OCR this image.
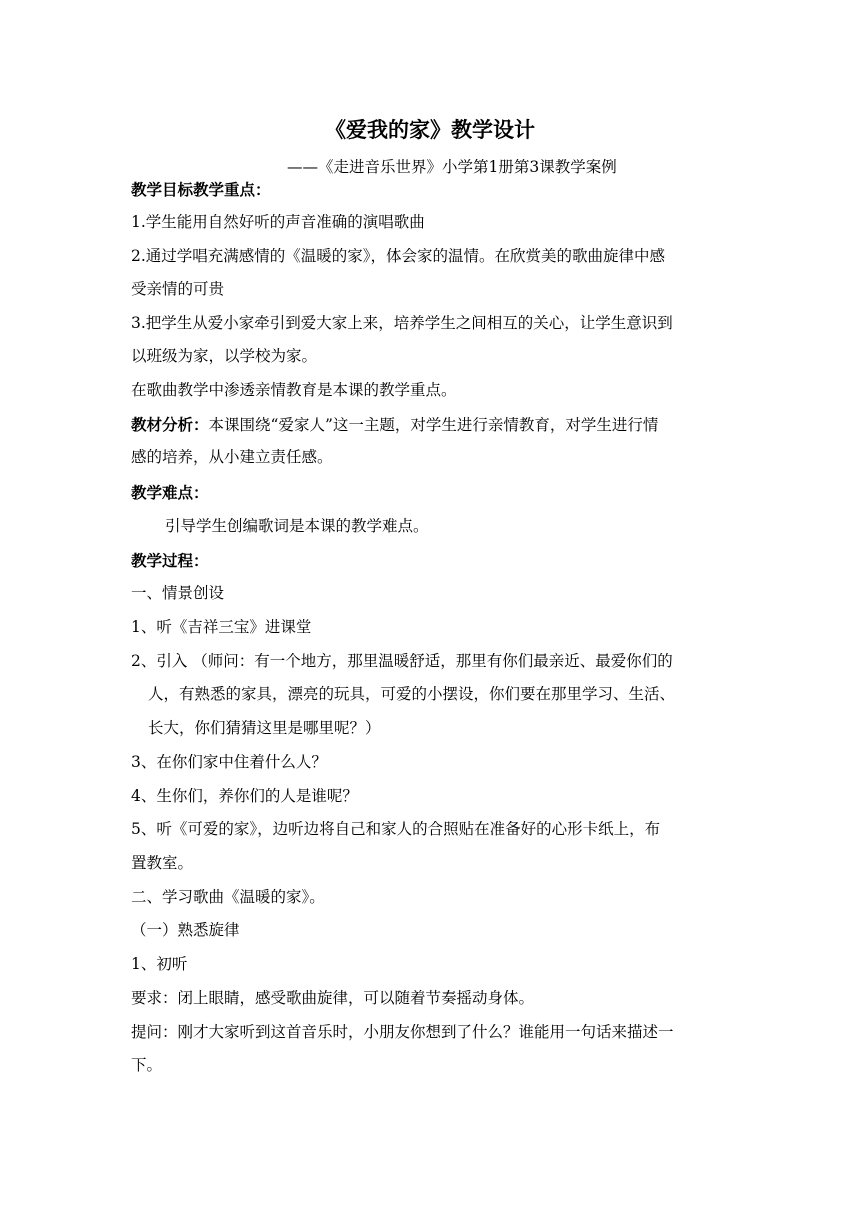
《爱我的家》教学设计
——《走进音乐世界》小学第1册第3课教学案例
教学目标教学重点：
1.学生能用自然好听的声音准确的演唱歌曲
2.通过学唱充满感情的《温暖的家》，体会家的温情。在欣赏美的歌曲旋律中感
受亲情的可贵
3.把学生从爱小家牵引到爱大家上来，培养学生之间相互的关心，让学生意识到
以班级为家，以学校为家。
在歌曲教学中渗透亲情教育是本课的教学重点。
教材分析：本课围绕“爱家人”这一主题，对学生进行亲情教育，对学生进行情
感的培养，从小建立责任感。
教学难点：
引导学生创编歌词是本课的教学难点。
教学过程：
一、情景创设
1、听《吉祥三宝》进课堂
2、引入 （师问：有一个地方，那里温暖舒适，那里有你们最亲近、最爱你们的
人，有熟悉的家具，漂亮的玩具，可爱的小摆设，你们要在那里学习、生活、
长大，你们猜猜这里是哪里呢？）
3、在你们家中住着什么人？
4、生你们，养你们的人是谁呢？
5、听《可爱的家》，边听边将自己和家人的合照贴在准备好的心形卡纸上，布
置教室。
二、学习歌曲《温暖的家》。
（一）熟悉旋律
1、初听
要求：闭上眼睛，感受歌曲旋律，可以随着节奏摇动身体。
提问：刚才大家听到这首音乐时，小朋友你想到了什么？谁能用一句话来描述一
下。
